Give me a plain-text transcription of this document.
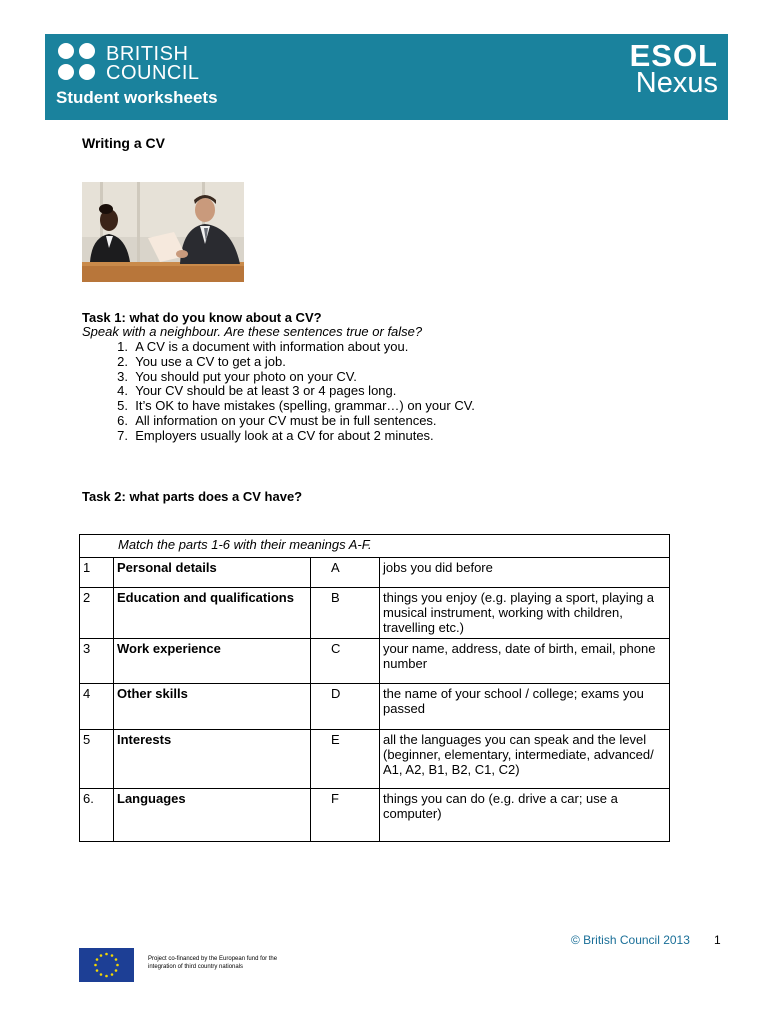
BRITISH
COUNCIL
Student worksheets
ESOL
Nexus
Writing a CV
Task 1: what do you know about a CV?
Speak with a neighbour. Are these sentences true or false?
1. A CV is a document with information about you.
2. You use a CV to get a job.
3. You should put your photo on your CV.
4. Your CV should be at least 3 or 4 pages long.
5. It’s OK to have mistakes (spelling, grammar…) on your CV.
6. All information on your CV must be in full sentences.
7. Employers usually look at a CV for about 2 minutes.
Task 2: what parts does a CV have?
Match the parts 1-6 with their meanings A-F.			
1	Personal details	A	jobs you did before
2	Education and qualifications	B	things you enjoy (e.g. playing a sport, playing a musical instrument, working with children, travelling etc.)
3	Work experience	C	your name, address, date of birth, email, phone number
4	Other skills	D	the name of your school / college; exams you passed
5	Interests	E	all the languages you can speak and the level (beginner, elementary, intermediate, advanced/ A1, A2, B1, B2, C1, C2)
6.	Languages	F	things you can do (e.g. drive a car; use a computer)
© British Council 2013 1
Project co-financed by the European fund for the integration of third country nationals
